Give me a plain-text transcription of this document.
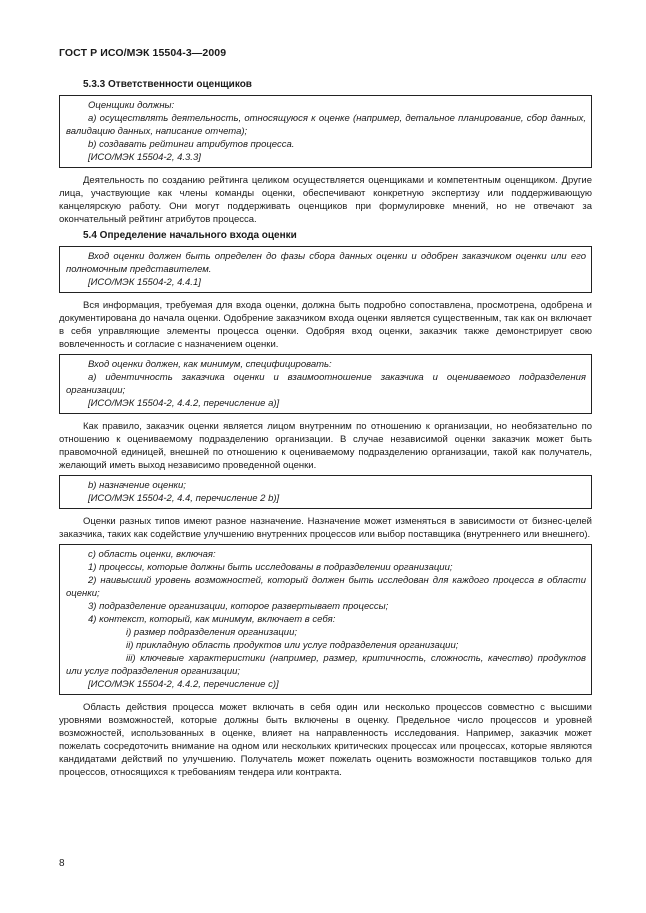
ГОСТ Р ИСО/МЭК 15504-3—2009
5.3.3 Ответственности оценщиков

Оценщики должны:

a) осуществлять деятельность, относящуюся к оценке (например, детальное планирование, сбор данных, валидацию данных, написание отчета);

b) создавать рейтинги атрибутов процесса.

[ИСО/МЭК 15504-2, 4.3.3]

Деятельность по созданию рейтинга целиком осуществляется оценщиками и компетентным оценщиком. Другие лица, участвующие как члены команды оценки, обеспечивают конкретную экспертизу или поддерживающую канцелярскую работу. Они могут поддерживать оценщиков при формулировке мнений, но не отвечают за окончательный рейтинг атрибутов процесса.

5.4 Определение начального входа оценки

Вход оценки должен быть определен до фазы сбора данных оценки и одобрен заказчиком оценки или его полномочным представителем.

[ИСО/МЭК 15504-2, 4.4.1]

Вся информация, требуемая для входа оценки, должна быть подробно сопоставлена, просмотрена, одобрена и документирована до начала оценки. Одобрение заказчиком входа оценки является существенным, так как он включает в себя управляющие элементы процесса оценки. Одобряя вход оценки, заказчик также демонстрирует свою вовлеченность и согласие с назначением оценки.

Вход оценки должен, как минимум, специфицировать:

a) идентичность заказчика оценки и взаимоотношение заказчика и оцениваемого подразделения организации;

[ИСО/МЭК 15504-2, 4.4.2, перечисление a)]

Как правило, заказчик оценки является лицом внутренним по отношению к организации, но необязательно по отношению к оцениваемому подразделению организации. В случае независимой оценки заказчик может быть правомочной единицей, внешней по отношению к оцениваемому подразделению организации, такой как получатель, желающий иметь выход независимо проведенной оценки.

b) назначение оценки;

[ИСО/МЭК 15504-2, 4.4, перечисление 2 b)]

Оценки разных типов имеют разное назначение. Назначение может изменяться в зависимости от бизнес-целей заказчика, таких как содействие улучшению внутренних процессов или выбор поставщика (внутреннего или внешнего).

c) область оценки, включая:

1) процессы, которые должны быть исследованы в подразделении организации;

2) наивысший уровень возможностей, который должен быть исследован для каждого процесса в области оценки;

3) подразделение организации, которое развертывает процессы;

4) контекст, который, как минимум, включает в себя:

i) размер подразделения организации;

ii) прикладную область продуктов или услуг подразделения организации;

iii) ключевые характеристики (например, размер, критичность, сложность, качество) продуктов или услуг подразделения организации;

[ИСО/МЭК 15504-2, 4.4.2, перечисление c)]

Область действия процесса может включать в себя один или несколько процессов совместно с высшими уровнями возможностей, которые должны быть включены в оценку. Предельное число процессов и уровней возможностей, использованных в оценке, влияет на направленность исследования. Например, заказчик может пожелать сосредоточить внимание на одном или нескольких критических процессах или процессах, которые являются кандидатами действий по улучшению. Получатель может пожелать оценить возможности поставщиков только для процессов, относящихся к требованиям тендера или контракта.

8
